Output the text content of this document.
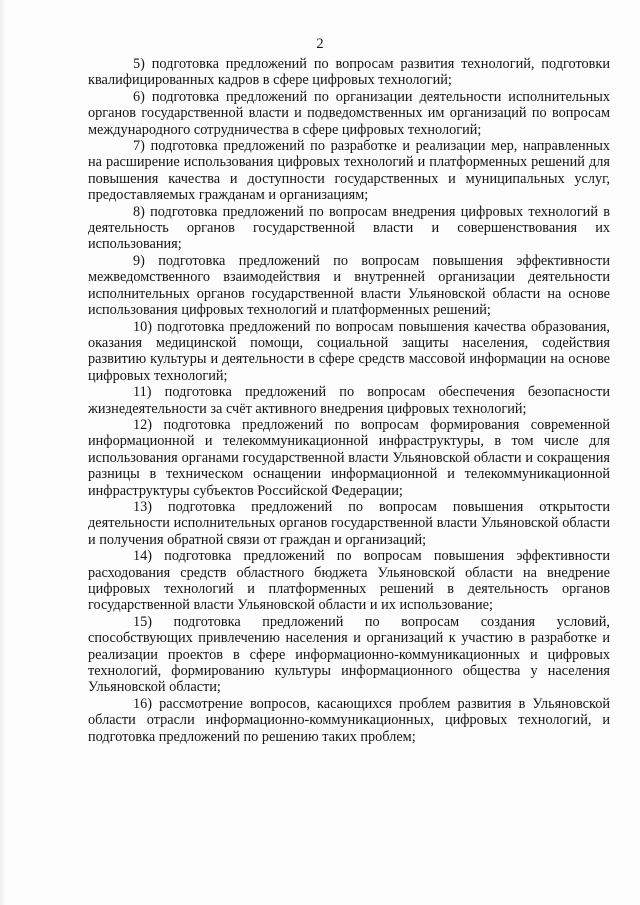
2

5) подготовка предложений по вопросам развития технологий, подготовки квалифицированных кадров в сфере цифровых технологий;

6) подготовка предложений по организации деятельности исполнительных органов государственной власти и подведомственных им организаций по вопросам международного сотрудничества в сфере цифровых технологий;

7) подготовка предложений по разработке и реализации мер, направленных на расширение использования цифровых технологий и платформенных решений для повышения качества и доступности государственных и муниципальных услуг, предоставляемых гражданам и организациям;

8) подготовка предложений по вопросам внедрения цифровых технологий в деятельность органов государственной власти и совершенствования их использования;

9) подготовка предложений по вопросам повышения эффективности межведомственного взаимодействия и внутренней организации деятельности исполнительных органов государственной власти Ульяновской области на основе использования цифровых технологий и платформенных решений;

10) подготовка предложений по вопросам повышения качества образования, оказания медицинской помощи, социальной защиты населения, содействия развитию культуры и деятельности в сфере средств массовой информации на основе цифровых технологий;

11) подготовка предложений по вопросам обеспечения безопасности жизнедеятельности за счёт активного внедрения цифровых технологий;

12) подготовка предложений по вопросам формирования современной информационной и телекоммуникационной инфраструктуры, в том числе для использования органами государственной власти Ульяновской области и сокращения разницы в техническом оснащении информационной и телекоммуникационной инфраструктуры субъектов Российской Федерации;

13) подготовка предложений по вопросам повышения открытости деятельности исполнительных органов государственной власти Ульяновской области и получения обратной связи от граждан и организаций;

14) подготовка предложений по вопросам повышения эффективности расходования средств областного бюджета Ульяновской области на внедрение цифровых технологий и платформенных решений в деятельность органов государственной власти Ульяновской области и их использование;

15) подготовка предложений по вопросам создания условий, способствующих привлечению населения и организаций к участию в разработке и реализации проектов в сфере информационно-коммуникационных и цифровых технологий, формированию культуры информационного общества у населения Ульяновской области;

16) рассмотрение вопросов, касающихся проблем развития в Ульяновской области отрасли информационно-коммуникационных, цифровых технологий, и подготовка предложений по решению таких проблем;
